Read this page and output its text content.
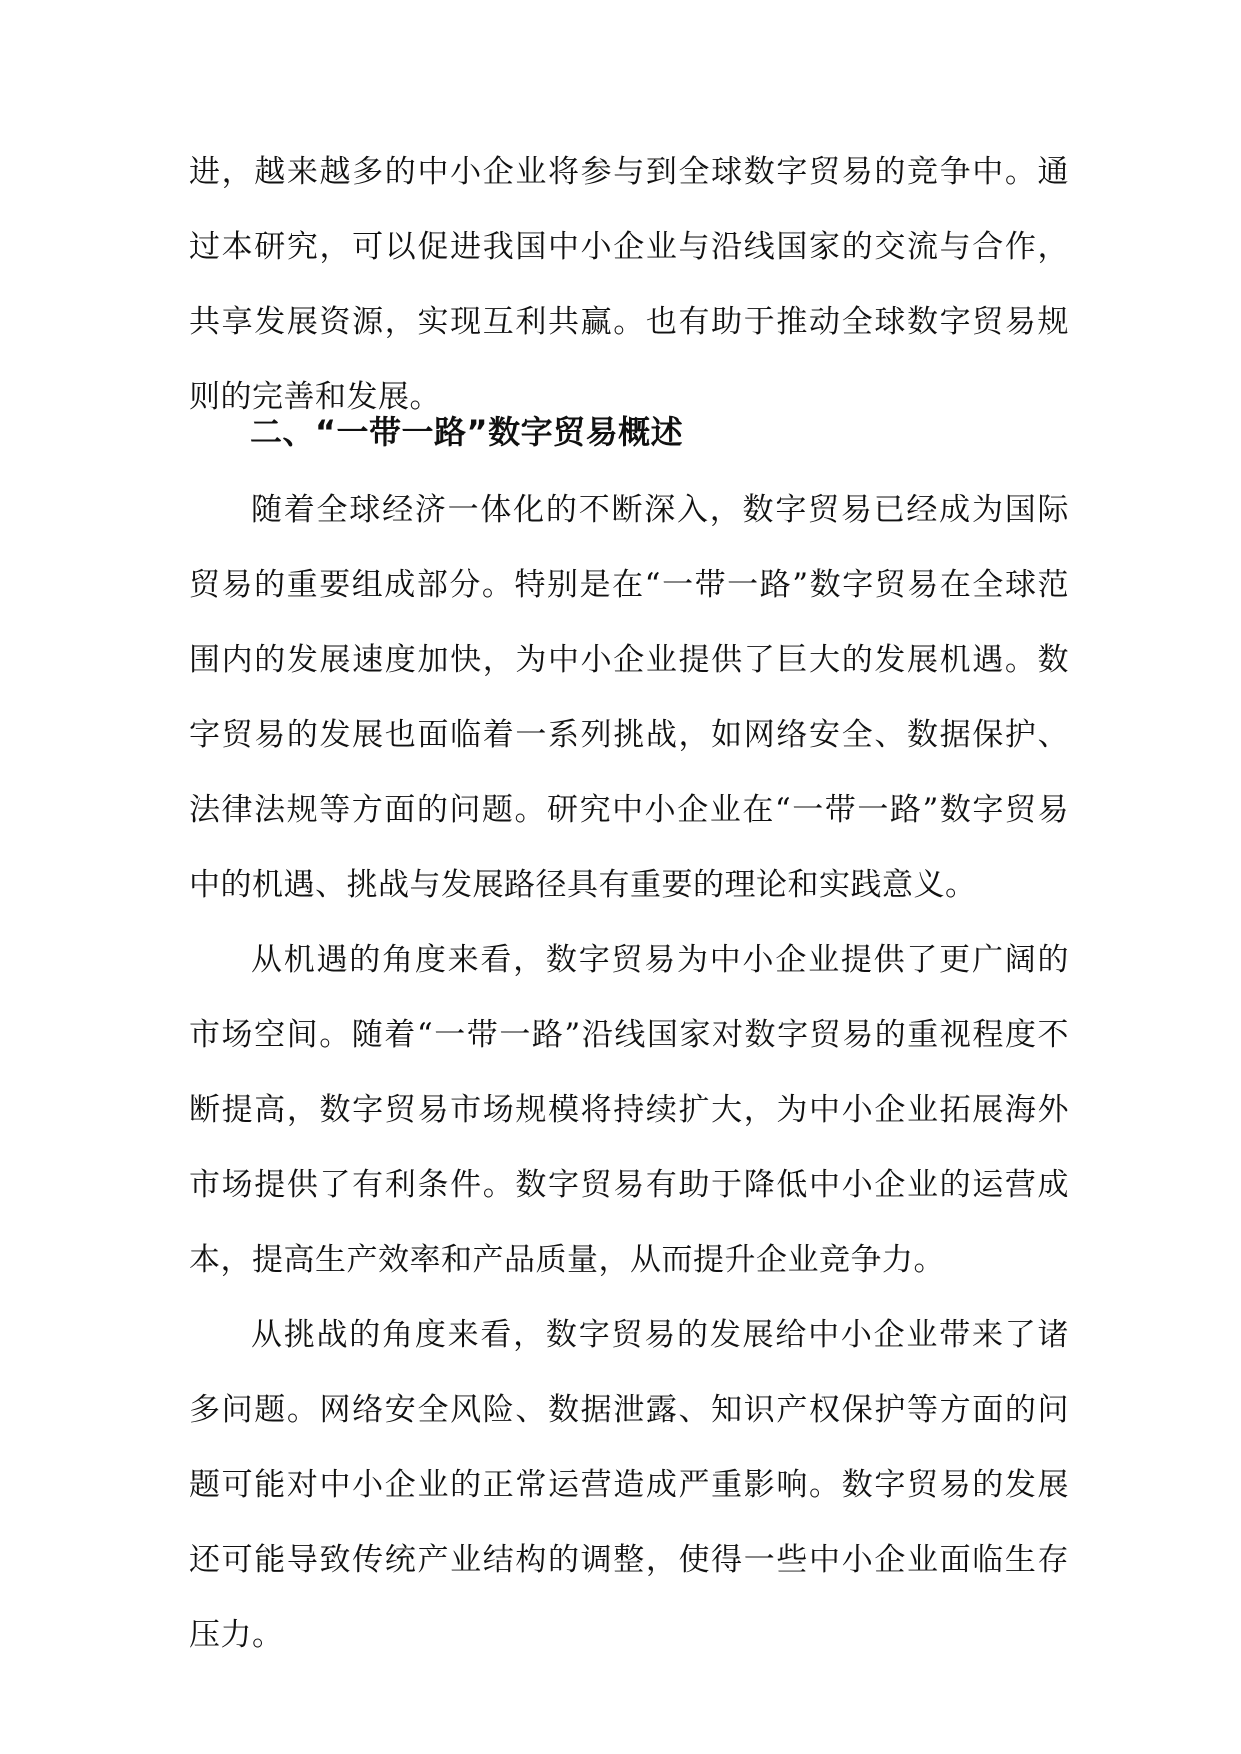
进，越来越多的中小企业将参与到全球数字贸易的竞争中。通过本研究，可以促进我国中小企业与沿线国家的交流与合作，共享发展资源，实现互利共赢。也有助于推动全球数字贸易规则的完善和发展。

二、“一带一路”数字贸易概述

随着全球经济一体化的不断深入，数字贸易已经成为国际贸易的重要组成部分。特别是在“一带一路”数字贸易在全球范围内的发展速度加快，为中小企业提供了巨大的发展机遇。数字贸易的发展也面临着一系列挑战，如网络安全、数据保护、法律法规等方面的问题。研究中小企业在“一带一路”数字贸易中的机遇、挑战与发展路径具有重要的理论和实践意义。

从机遇的角度来看，数字贸易为中小企业提供了更广阔的市场空间。随着“一带一路”沿线国家对数字贸易的重视程度不断提高，数字贸易市场规模将持续扩大，为中小企业拓展海外市场提供了有利条件。数字贸易有助于降低中小企业的运营成本，提高生产效率和产品质量，从而提升企业竞争力。

从挑战的角度来看，数字贸易的发展给中小企业带来了诸多问题。网络安全风险、数据泄露、知识产权保护等方面的问题可能对中小企业的正常运营造成严重影响。数字贸易的发展还可能导致传统产业结构的调整，使得一些中小企业面临生存压力。
